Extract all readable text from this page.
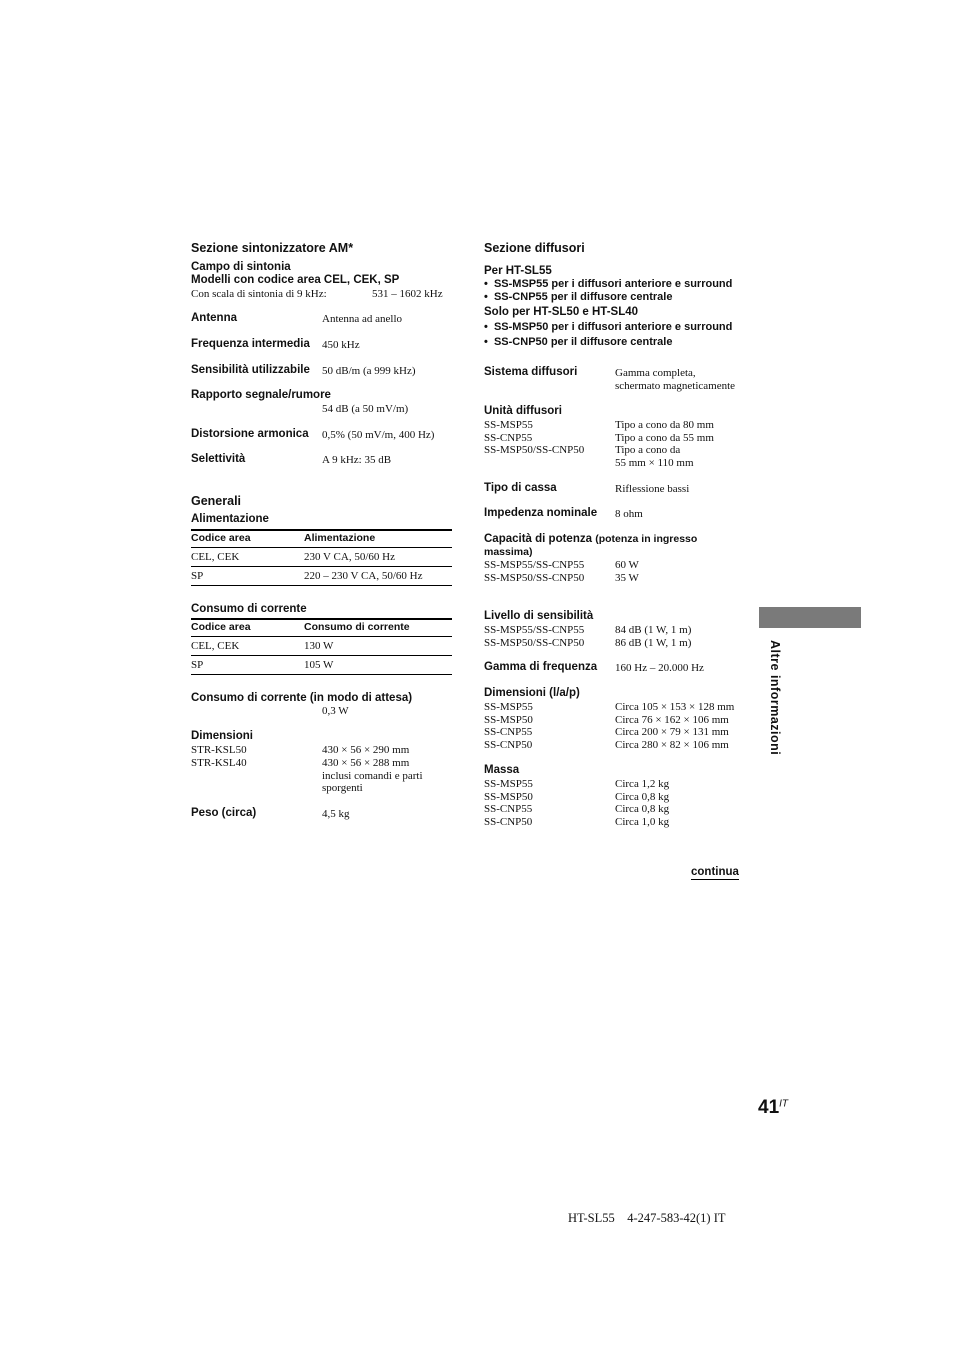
Sezione sintonizzatore AM*
Campo di sintonia
Modelli con codice area CEL, CEK, SP
Con scala di sintonia di 9 kHz:	531 – 1602 kHz
Antenna	Antenna ad anello
Frequenza intermedia 450 kHz
Sensibilità utilizzabile 50 dB/m (a 999 kHz)
Rapporto segnale/rumore
54 dB (a 50 mV/m)
Distorsione armonica 0,5% (50 mV/m, 400 Hz)
Selettività	A 9 kHz: 35 dB
Generali
Alimentazione
Codice area	Alimentazione
CEL, CEK	230 V CA, 50/60 Hz
SP	220 – 230 V CA, 50/60 Hz
Consumo di corrente
Codice area	Consumo di corrente
CEL, CEK	130 W
SP	105 W
Consumo di corrente (in modo di attesa)
0,3 W
Dimensioni
STR-KSL50	430 × 56 × 290 mm
STR-KSL40	430 × 56 × 288 mm
inclusi comandi e parti
sporgenti
Peso (circa)	4,5 kg
Sezione diffusori
Per HT-SL55
•  SS-MSP55 per i diffusori anteriore e surround
•  SS-CNP55 per il diffusore centrale
Solo per HT-SL50 e HT-SL40
•  SS-MSP50 per i diffusori anteriore e surround
•  SS-CNP50 per il diffusore centrale
Sistema diffusori	Gamma completa,
schermato magneticamente
Unità diffusori
SS-MSP55	Tipo a cono da 80 mm
SS-CNP55	Tipo a cono da 55 mm
SS-MSP50/SS-CNP50	Tipo a cono da
55 mm × 110 mm
Tipo di cassa	Riflessione bassi
Impedenza nominale 8 ohm
Capacità di potenza (potenza in ingresso
massima)
SS-MSP55/SS-CNP55	60 W
SS-MSP50/SS-CNP50	35 W
Livello di sensibilità
SS-MSP55/SS-CNP55	84 dB (1 W, 1 m)
SS-MSP50/SS-CNP50	86 dB (1 W, 1 m)
Gamma di frequenza 160 Hz – 20.000 Hz
Dimensioni (l/a/p)
SS-MSP55	Circa 105 × 153 × 128 mm
SS-MSP50	Circa 76 × 162 × 106 mm
SS-CNP55	Circa 200 × 79 × 131 mm
SS-CNP50	Circa 280 × 82 × 106 mm
Massa
SS-MSP55	Circa 1,2 kg
SS-MSP50	Circa 0,8 kg
SS-CNP55	Circa 0,8 kg
SS-CNP50	Circa 1,0 kg
continua
Altre informazioni
$41^{IT}$
HT-SL55    4-247-583-42(1) IT
